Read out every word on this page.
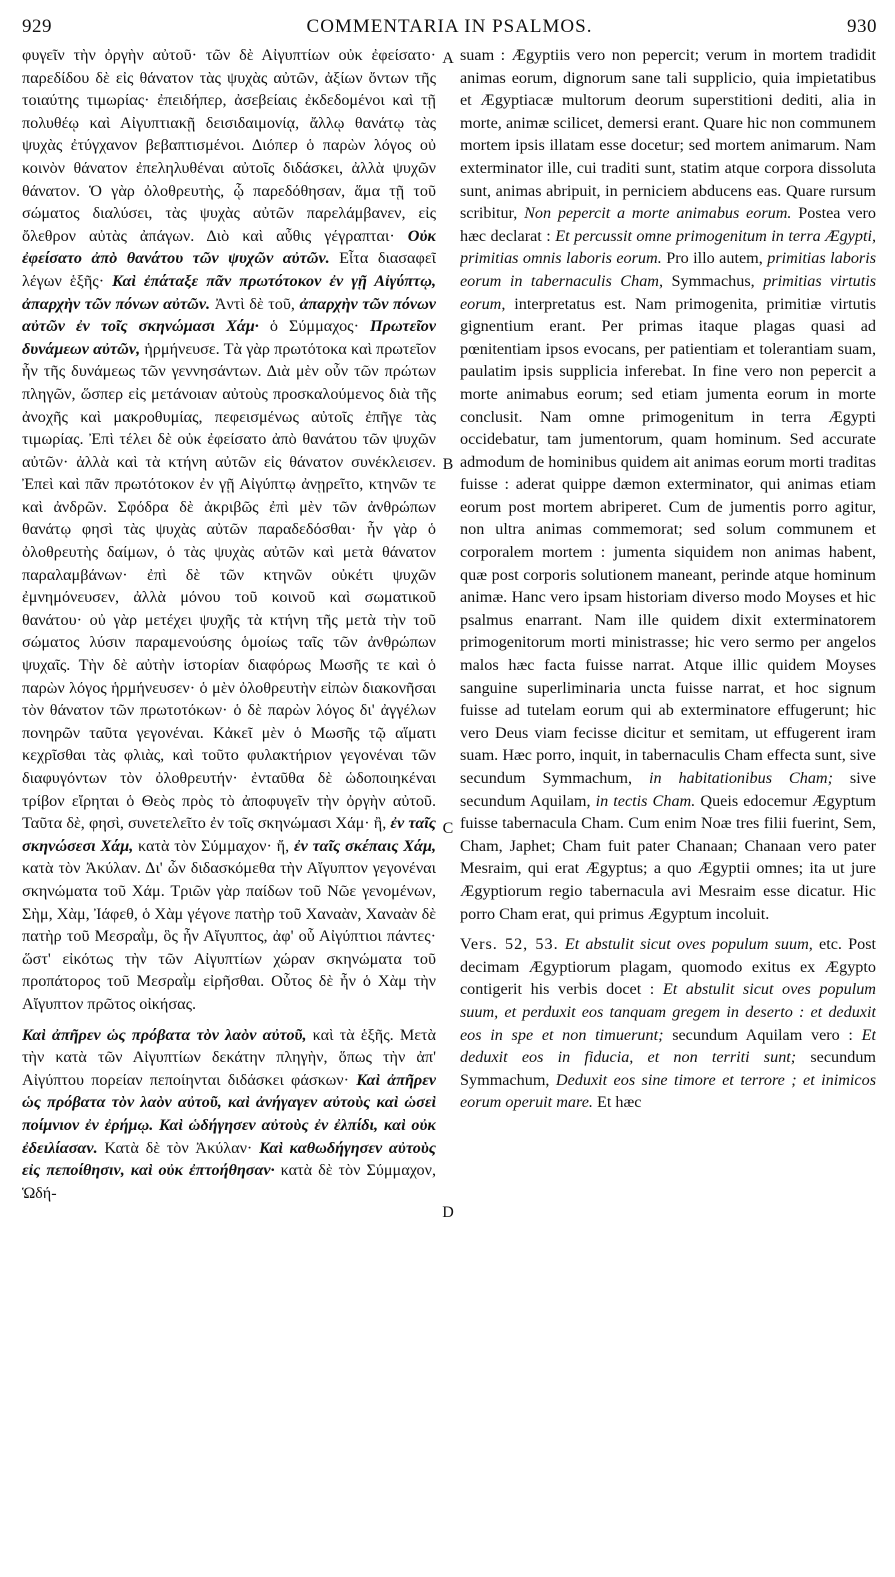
929	COMMENTARIA IN PSALMOS.	930

φυγεῖν τὴν ὀργὴν αὐτοῦ· τῶν δὲ Αἰγυπτίων οὐκ ἐφείσατο· παρεδίδου δὲ εἰς θάνατον τὰς ψυχὰς αὐτῶν, ἀξίων ὄντων τῆς τοιαύτης τιμωρίας· ἐπειδήπερ, ἀσεβείαις ἐκδεδομένοι καὶ τῇ πολυθέῳ καὶ Αἰγυπτιακῇ δεισιδαιμονίᾳ, ἄλλῳ θανάτῳ τὰς ψυχὰς ἐτύγχανον βεβαπτισμένοι. Διόπερ ὁ παρὼν λόγος οὐ κοινὸν θάνατον ἐπεληλυθέναι αὐτοῖς διδάσκει, ἀλλὰ ψυχῶν θάνατον. Ὁ γὰρ ὀλοθρευτὴς, ᾧ παρεδόθησαν, ἅμα τῇ τοῦ σώματος διαλύσει, τὰς ψυχὰς αὐτῶν παρελάμβανεν, εἰς ὄλεθρον αὐτὰς ἀπάγων. Διὸ καὶ αὖθις γέγραπται· Οὐκ ἐφείσατο ἀπὸ θανάτου τῶν ψυχῶν αὐτῶν. Εἶτα διασαφεῖ λέγων ἑξῆς· Καὶ ἐπάταξε πᾶν πρωτότοκον ἐν γῇ Αἰγύπτῳ, ἀπαρχὴν τῶν πόνων αὐτῶν. Ἀντὶ δὲ τοῦ, ἀπαρχὴν τῶν πόνων αὐτῶν ἐν τοῖς σκηνώμασι Χάμ· ὁ Σύμμαχος· Πρωτεῖον δυνάμεων αὐτῶν, ἡρμήνευσε. Τὰ γὰρ πρωτότοκα καὶ πρωτεῖον ἦν τῆς δυνάμεως τῶν γεννησάντων. Διὰ μὲν οὖν τῶν πρώτων πληγῶν, ὥσπερ εἰς μετάνοιαν αὐτοὺς προσκαλούμενος διὰ τῆς ἀνοχῆς καὶ μακροθυμίας, πεφεισμένως αὐτοῖς ἐπῆγε τὰς τιμωρίας. Ἐπὶ τέλει δὲ οὐκ ἐφείσατο ἀπὸ θανάτου τῶν ψυχῶν αὐτῶν· ἀλλὰ καὶ τὰ κτήνη αὐτῶν εἰς θάνατον συνέκλεισεν. Ἐπεὶ καὶ πᾶν πρωτότοκον ἐν γῇ Αἰγύπτῳ ἀνῃρεῖτο, κτηνῶν τε καὶ ἀνδρῶν. Σφόδρα δὲ ἀκριβῶς ἐπὶ μὲν τῶν ἀνθρώπων θανάτῳ φησὶ τὰς ψυχὰς αὐτῶν παραδεδόσθαι· ἦν γὰρ ὁ ὀλοθρευτὴς δαίμων, ὁ τὰς ψυχὰς αὐτῶν καὶ μετὰ θάνατον παραλαμβάνων· ἐπὶ δὲ τῶν κτηνῶν οὐκέτι ψυχῶν ἐμνημόνευσεν, ἀλλὰ μόνου τοῦ κοινοῦ καὶ σωματικοῦ θανάτου· οὐ γὰρ μετέχει ψυχῆς τὰ κτήνη τῆς μετὰ τὴν τοῦ σώματος λύσιν παραμενούσης ὁμοίως ταῖς τῶν ἀνθρώπων ψυχαῖς. Τὴν δὲ αὐτὴν ἱστορίαν διαφόρως Μωσῆς τε καὶ ὁ παρὼν λόγος ἡρμήνευσεν· ὁ μὲν ὀλοθρευτὴν εἰπὼν διακονῆσαι τὸν θάνατον τῶν πρωτοτόκων· ὁ δὲ παρὼν λόγος δι' ἀγγέλων πονηρῶν ταῦτα γεγονέναι. Κἀκεῖ μὲν ὁ Μωσῆς τῷ αἵματι κεχρῖσθαι τὰς φλιὰς, καὶ τοῦτο φυλακτήριον γεγονέναι τῶν διαφυγόντων τὸν ὀλοθρευτήν· ἐνταῦθα δὲ ὡδοποιηκέναι τρίβον εἴρηται ὁ Θεὸς πρὸς τὸ ἀποφυγεῖν τὴν ὀργὴν αὐτοῦ. Ταῦτα δὲ, φησὶ, συνετελεῖτο ἐν τοῖς σκηνώμασι Χάμ· ἢ, ἐν ταῖς σκηνώσεσι Χάμ, κατὰ τὸν Σύμμαχον· ἤ, ἐν ταῖς σκέπαις Χάμ, κατὰ τὸν Ἀκύλαν. Δι' ὧν διδασκόμεθα τὴν Αἴγυπτον γεγονέναι σκηνώματα τοῦ Χάμ. Τριῶν γὰρ παίδων τοῦ Νῶε γενομένων, Σὴμ, Χὰμ, Ἰάφεθ, ὁ Χὰμ γέγονε πατὴρ τοῦ Χαναὰν, Χαναὰν δὲ πατὴρ τοῦ Μεσραῒμ, ὃς ἦν Αἴγυπτος, ἀφ' οὗ Αἰγύπτιοι πάντες· ὥστ' εἰκότως τὴν τῶν Αἰγυπτίων χώραν σκηνώματα τοῦ προπάτορος τοῦ Μεσραῒμ εἰρῆσθαι. Οὗτος δὲ ἦν ὁ Χὰμ τὴν Αἴγυπτον πρῶτος οἰκήσας.

Καὶ ἀπῆρεν ὡς πρόβατα τὸν λαὸν αὐτοῦ, καὶ τὰ ἑξῆς. Μετὰ τὴν κατὰ τῶν Αἰγυπτίων δεκάτην πληγὴν, ὅπως τὴν ἀπ' Αἰγύπτου πορείαν πεποίηνται διδάσκει φάσκων· Καὶ ἀπῆρεν ὡς πρόβατα τὸν λαὸν αὐτοῦ, καὶ ἀνήγαγεν αὐτοὺς καὶ ὡσεὶ ποίμνιον ἐν ἐρήμῳ. Καὶ ὡδήγησεν αὐτοὺς ἐν ἐλπίδι, καὶ οὐκ ἐδειλίασαν. Κατὰ δὲ τὸν Ἀκύλαν· Καὶ καθωδήγησεν αὐτοὺς εἰς πεποίθησιν, καὶ οὐκ ἐπτοήθησαν· κατὰ δὲ τὸν Σύμμαχον, Ὡδή-

A
B
C
D

suam : Ægyptiis vero non pepercit; verum in mortem tradidit animas eorum, dignorum sane tali supplicio, quia impietatibus et Ægyptiacæ multorum deorum superstitioni dediti, alia in morte, animæ scilicet, demersi erant. Quare hic non communem mortem ipsis illatam esse docetur; sed mortem animarum. Nam exterminator ille, cui traditi sunt, statim atque corpora dissoluta sunt, animas abripuit, in perniciem abducens eas. Quare rursum scribitur, Non pepercit a morte animabus eorum. Postea vero hæc declarat : Et percussit omne primogenitum in terra Ægypti, primitias omnis laboris eorum. Pro illo autem, primitias laboris eorum in tabernaculis Cham, Symmachus, primitias virtutis eorum, interpretatus est. Nam primogenita, primitiæ virtutis gignentium erant. Per primas itaque plagas quasi ad pœnitentiam ipsos evocans, per patientiam et tolerantiam suam, paulatim ipsis supplicia inferebat. In fine vero non pepercit a morte animabus eorum; sed etiam jumenta eorum in morte conclusit. Nam omne primogenitum in terra Ægypti occidebatur, tam jumentorum, quam hominum. Sed accurate admodum de hominibus quidem ait animas eorum morti traditas fuisse : aderat quippe dæmon exterminator, qui animas etiam eorum post mortem abriperet. Cum de jumentis porro agitur, non ultra animas commemorat; sed solum communem et corporalem mortem : jumenta siquidem non animas habent, quæ post corporis solutionem maneant, perinde atque hominum animæ. Hanc vero ipsam historiam diverso modo Moyses et hic psalmus enarrant. Nam ille quidem dixit exterminatorem primogenitorum morti ministrasse; hic vero sermo per angelos malos hæc facta fuisse narrat. Atque illic quidem Moyses sanguine superliminaria uncta fuisse narrat, et hoc signum fuisse ad tutelam eorum qui ab exterminatore effugerunt; hic vero Deus viam fecisse dicitur et semitam, ut effugerent iram suam. Hæc porro, inquit, in tabernaculis Cham effecta sunt, sive secundum Symmachum, in habitationibus Cham; sive secundum Aquilam, in tectis Cham. Queis edocemur Ægyptum fuisse tabernacula Cham. Cum enim Noæ tres filii fuerint, Sem, Cham, Japhet; Cham fuit pater Chanaan; Chanaan vero pater Mesraim, qui erat Ægyptus; a quo Ægyptii omnes; ita ut jure Ægyptiorum regio tabernacula avi Mesraim esse dicatur. Hic porro Cham erat, qui primus Ægyptum incoluit.

Vers. 52, 53. Et abstulit sicut oves populum suum, etc. Post decimam Ægyptiorum plagam, quomodo exitus ex Ægypto contigerit his verbis docet : Et abstulit sicut oves populum suum, et perduxit eos tanquam gregem in deserto : et deduxit eos in spe et non timuerunt; secundum Aquilam vero : Et deduxit eos in fiducia, et non territi sunt; secundum Symmachum, Deduxit eos sine timore et terrore ; et inimicos eorum operuit mare. Et hæc
